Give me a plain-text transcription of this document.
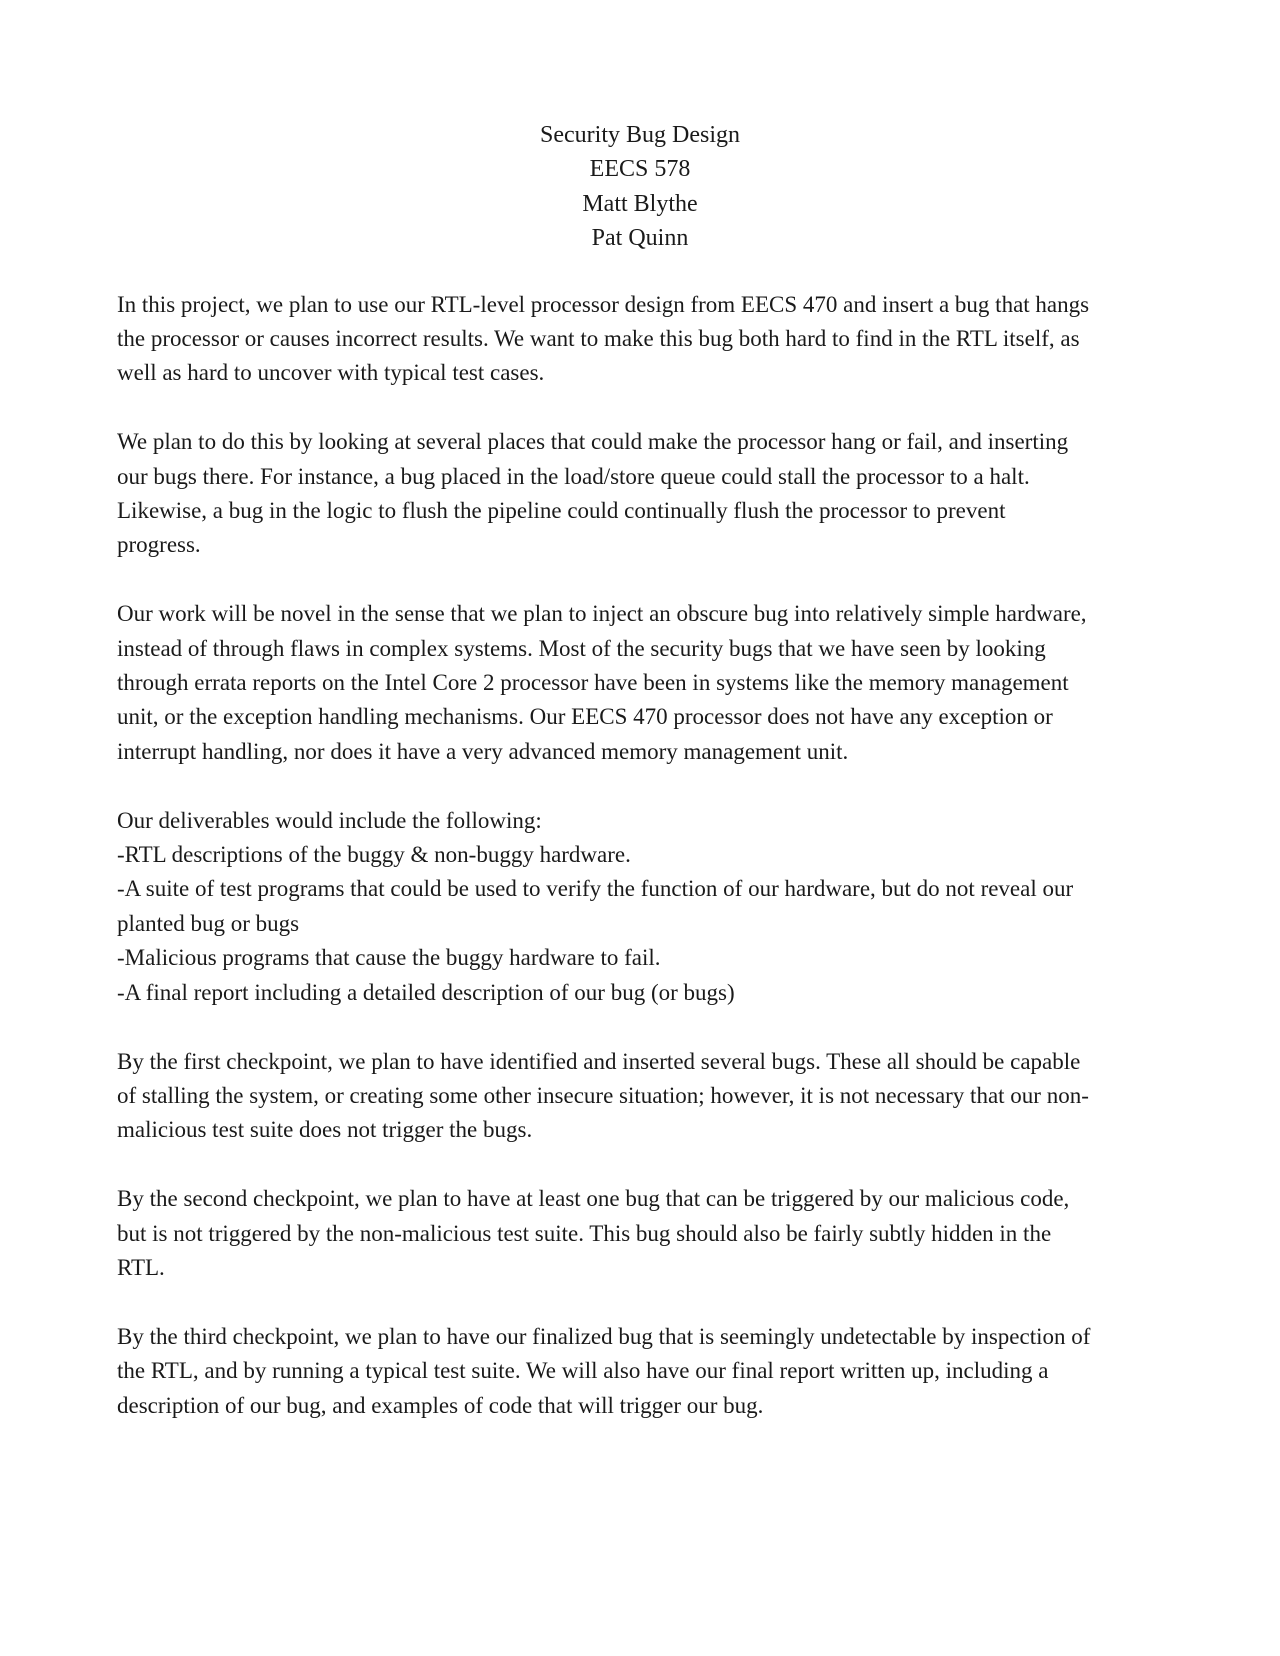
Security Bug Design
EECS 578
Matt Blythe
Pat Quinn
In this project, we plan to use our RTL-level processor design from EECS 470 and insert a bug that hangs
the processor or causes incorrect results. We want to make this bug both hard to find in the RTL itself, as
well as hard to uncover with typical test cases.
We plan to do this by looking at several places that could make the processor hang or fail, and inserting
our bugs there. For instance, a bug placed in the load/store queue could stall the processor to a halt.
Likewise, a bug in the logic to flush the pipeline could continually flush the processor to prevent
progress.
Our work will be novel in the sense that we plan to inject an obscure bug into relatively simple hardware,
instead of through flaws in complex systems. Most of the security bugs that we have seen by looking
through errata reports on the Intel Core 2 processor have been in systems like the memory management
unit, or the exception handling mechanisms. Our EECS 470 processor does not have any exception or
interrupt handling, nor does it have a very advanced memory management unit.
Our deliverables would include the following:
-RTL descriptions of the buggy & non-buggy hardware.
-A suite of test programs that could be used to verify the function of our hardware, but do not reveal our
planted bug or bugs
-Malicious programs that cause the buggy hardware to fail.
-A final report including a detailed description of our bug (or bugs)
By the first checkpoint, we plan to have identified and inserted several bugs. These all should be capable
of stalling the system, or creating some other insecure situation; however, it is not necessary that our non-
malicious test suite does not trigger the bugs.
By the second checkpoint, we plan to have at least one bug that can be triggered by our malicious code,
but is not triggered by the non-malicious test suite. This bug should also be fairly subtly hidden in the
RTL.
By the third checkpoint, we plan to have our finalized bug that is seemingly undetectable by inspection of
the RTL, and by running a typical test suite. We will also have our final report written up, including a
description of our bug, and examples of code that will trigger our bug.
